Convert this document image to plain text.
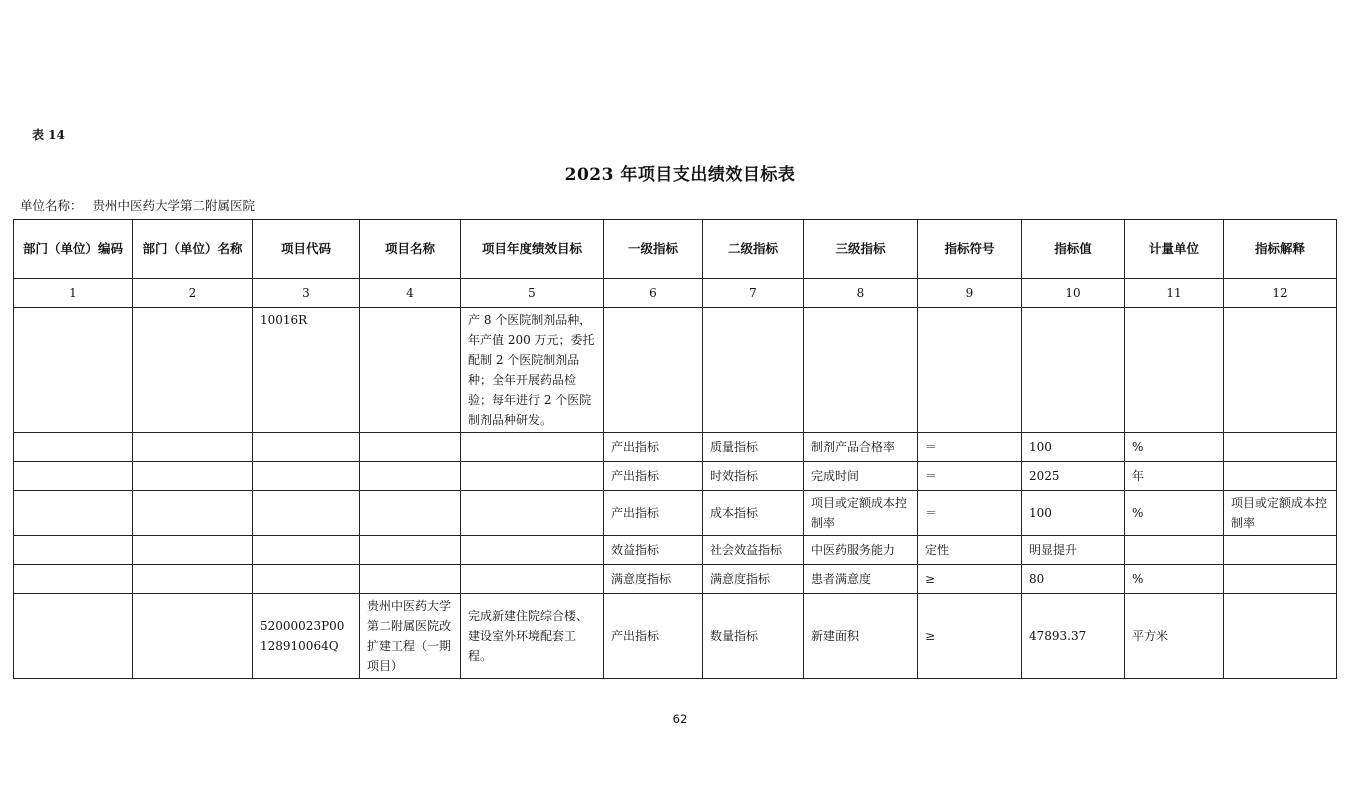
表 14
2023 年项目支出绩效目标表
单位名称： 贵州中医药大学第二附属医院
部门（单位）编码	部门（单位）名称	项目代码	项目名称	项目年度绩效目标	一级指标	二级指标	三级指标	指标符号	指标值	计量单位	指标解释
1	2	3	4	5	6	7	8	9	10	11	12
		10016R		产 8 个医院制剂品种，年产值 200 万元；委托配制 2 个医院制剂品种；全年开展药品检验；每年进行 2 个医院制剂品种研发。							
					产出指标	质量指标	制剂产品合格率	＝	100	%	
					产出指标	时效指标	完成时间	＝	2025	年	
					产出指标	成本指标	项目或定额成本控制率	＝	100	%	项目或定额成本控制率
					效益指标	社会效益指标	中医药服务能力	定性	明显提升		
					满意度指标	满意度指标	患者满意度	≥	80	%	
		52000023P00128910064Q	贵州中医药大学第二附属医院改扩建工程（一期项目）	完成新建住院综合楼、建设室外环境配套工程。	产出指标	数量指标	新建面积	≥	47893.37	平方米	
62
